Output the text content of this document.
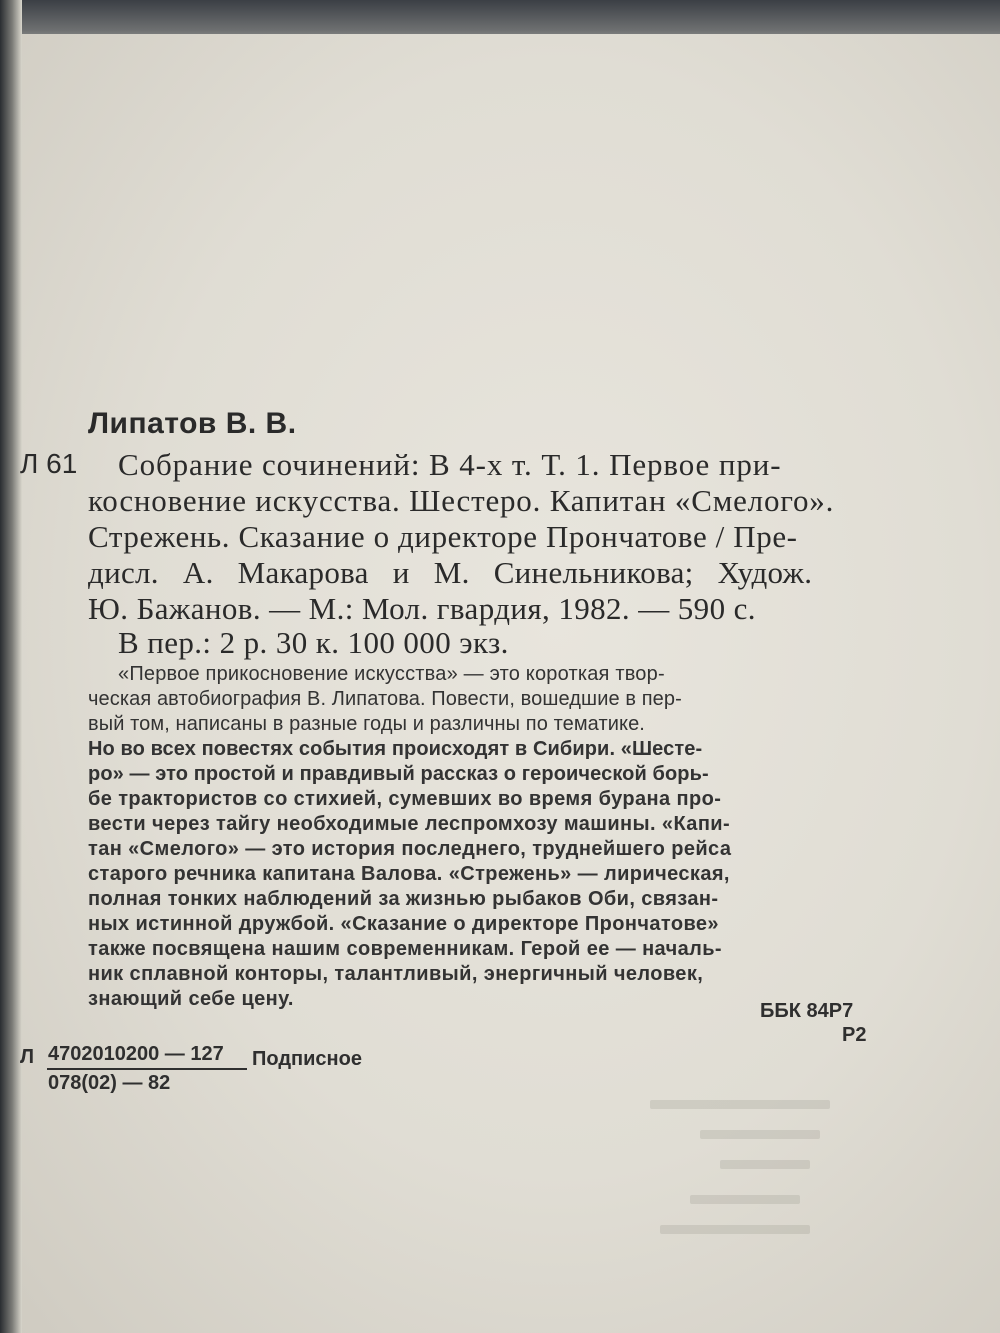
Липатов В. В.
Л 61 Собрание сочинений: В 4-х т. Т. 1. Первое при-
косновение искусства. Шестеро. Капитан «Смелого».
Стрежень. Сказание о директоре Прончатове / Пре-
дисл. А. Макарова и М. Синельникова; Худож.
Ю. Бажанов. — М.: Мол. гвардия, 1982. — 590 с.
В пер.: 2 р. 30 к. 100 000 экз.
«Первое прикосновение искусства» — это короткая твор-
ческая автобиография В. Липатова. Повести, вошедшие в пер-
вый том, написаны в разные годы и различны по тематике.
Но во всех повестях события происходят в Сибири. «Шесте-
ро» — это простой и правдивый рассказ о героической борь-
бе трактористов со стихией, сумевших во время бурана про-
вести через тайгу необходимые леспромхозу машины. «Капи-
тан «Смелого» — это история последнего, труднейшего рейса
старого речника капитана Валова. «Стрежень» — лирическая,
полная тонких наблюдений за жизнью рыбаков Оби, связан-
ных истинной дружбой. «Сказание о директоре Прончатове»
также посвящена нашим современникам. Герой ее — началь-
ник сплавной конторы, талантливый, энергичный человек,
знающий себе цену.
ББК 84Р7
Р2
Л 4702010200 — 127
078(02) — 82
Подписное
